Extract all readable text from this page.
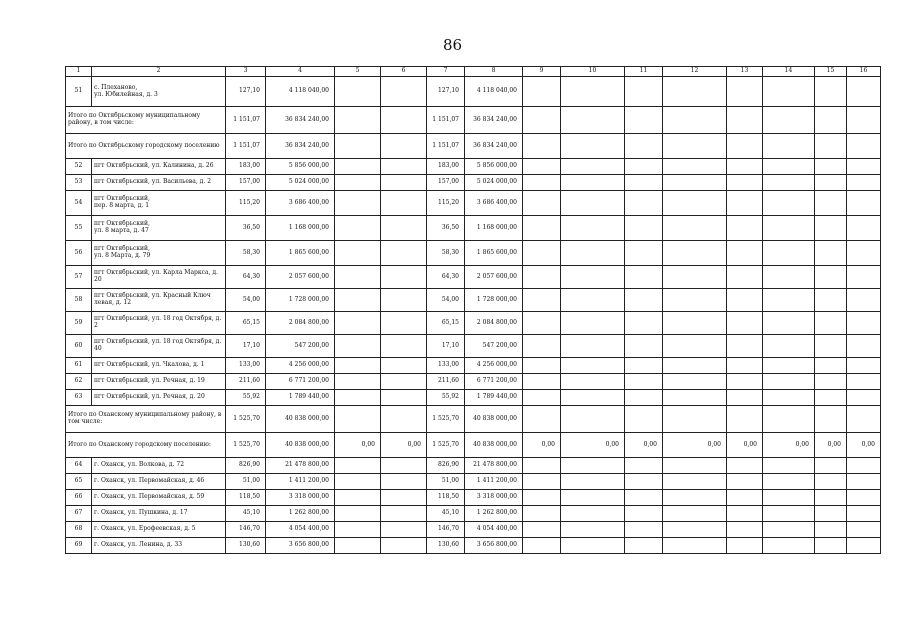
86
1	2	3	4	5	6	7	8	9	10	11	12	13	14	15	16
51	с. Плеханово,
ул. Юбилейная, д. 3	127,10	4 118 040,00			127,10	4 118 040,00								
Итого по Октябрьскому муниципальному району, в том числе:		1 151,07	36 834 240,00			1 151,07	36 834 240,00								
Итого по Октябрьскому городскому поселению		1 151,07	36 834 240,00			1 151,07	36 834 240,00								
52	пгт Октябрьский, ул. Калинина, д. 26	183,00	5 856 000,00			183,00	5 856 000,00								
53	пгт Октябрьский, ул. Васильева, д. 2	157,00	5 024 000,00			157,00	5 024 000,00								
54	пгт Октябрьский,
пер. 8 марта, д. 1	115,20	3 686 400,00			115,20	3 686 400,00								
55	пгт Октябрьский,
ул. 8 марта, д. 47	36,50	1 168 000,00			36,50	1 168 000,00								
56	пгт Октябрьский,
ул. 8 Марта, д. 79	58,30	1 865 600,00			58,30	1 865 600,00								
57	пгт Октябрьский, ул. Карла Маркса, д. 20	64,30	2 057 600,00			64,30	2 057 600,00								
58	пгт Октябрьский, ул. Красный Ключ левая, д. 12	54,00	1 728 000,00			54,00	1 728 000,00								
59	пгт Октябрьский, ул. 18 год Октября, д. 2	65,15	2 084 800,00			65,15	2 084 800,00								
60	пгт Октябрьский, ул. 18 год Октября, д. 40	17,10	547 200,00			17,10	547 200,00								
61	пгт Октябрьский, ул. Чкалова, д. 1	133,00	4 256 000,00			133,00	4 256 000,00								
62	пгт Октябрьский, ул. Речная, д. 19	211,60	6 771 200,00			211,60	6 771 200,00								
63	пгт Октябрьский, ул. Речная, д. 20	55,92	1 789 440,00			55,92	1 789 440,00								
Итого по Оханскому муниципальному району, в том числе:		1 525,70	40 838 000,00			1 525,70	40 838 000,00								
Итого по Оханскому городскому поселению:		1 525,70	40 838 000,00	0,00	0,00	1 525,70	40 838 000,00	0,00	0,00	0,00	0,00	0,00	0,00	0,00	0,00
64	г. Оханск, ул. Волкова, д. 72	826,90	21 478 800,00			826,90	21 478 800,00								
65	г. Оханск, ул. Первомайская, д. 46	51,00	1 411 200,00			51,00	1 411 200,00								
66	г. Оханск, ул. Первомайская, д. 59	118,50	3 318 000,00			118,50	3 318 000,00								
67	г. Оханск, ул. Пушкина, д. 17	45,10	1 262 800,00			45,10	1 262 800,00								
68	г. Оханск, ул. Ерофеевская, д. 5	146,70	4 054 400,00			146,70	4 054 400,00								
69	г. Оханск, ул. Ленина, д. 33	130,60	3 656 800,00			130,60	3 656 800,00								
